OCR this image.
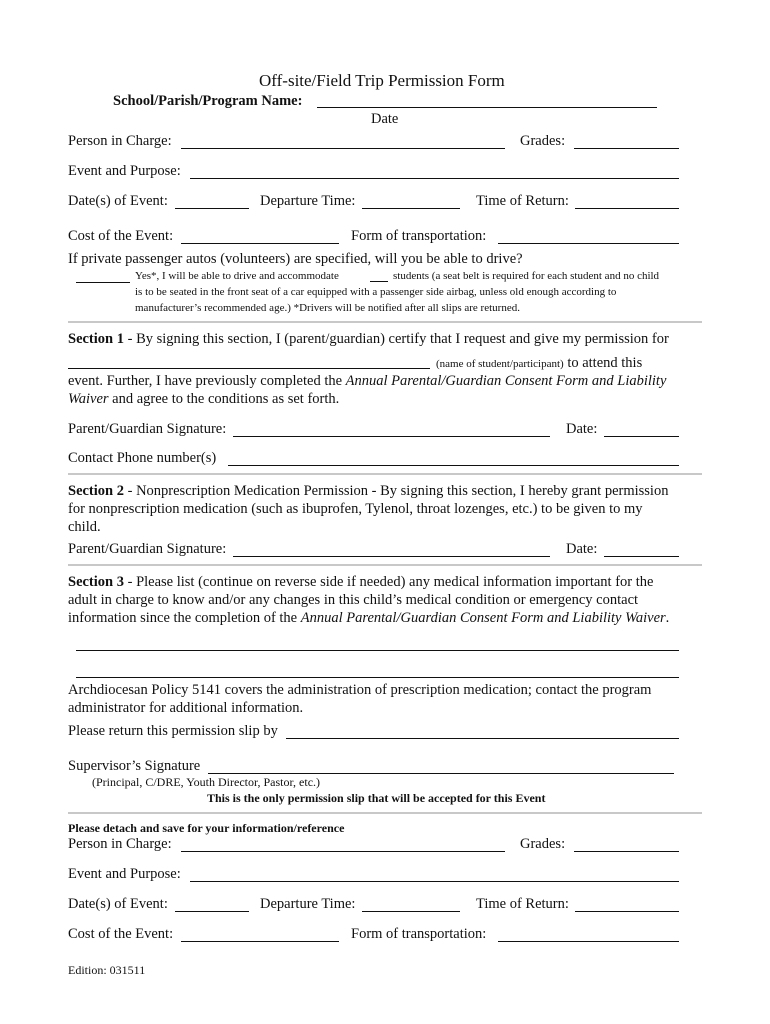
Off-site/Field Trip Permission Form
School/Parish/Program Name:
Date
Person in Charge:	Grades:
Event and Purpose:
Date(s) of Event:	Departure Time:	Time of Return:
Cost of the Event:	Form of transportation:
If private passenger autos (volunteers) are specified, will you be able to drive?
Yes*, I will be able to drive and accommodate	students (a seat belt is required for each student and no child
is to be seated in the front seat of a car equipped with a passenger side airbag, unless old enough according to
manufacturer’s recommended age.) *Drivers will be notified after all slips are returned.
Section 1 - By signing this section, I (parent/guardian) certify that I request and give my permission for
(name of student/participant) to attend this
event. Further, I have previously completed the Annual Parental/Guardian Consent Form and Liability
Waiver and agree to the conditions as set forth.
Parent/Guardian Signature:	Date:
Contact Phone number(s)
Section 2 - Nonprescription Medication Permission - By signing this section, I hereby grant permission
for nonprescription medication (such as ibuprofen, Tylenol, throat lozenges, etc.) to be given to my
child.
Parent/Guardian Signature:	Date:
Section 3 - Please list (continue on reverse side if needed) any medical information important for the
adult in charge to know and/or any changes in this child’s medical condition or emergency contact
information since the completion of the Annual Parental/Guardian Consent Form and Liability Waiver.
Archdiocesan Policy 5141 covers the administration of prescription medication; contact the program
administrator for additional information.
Please return this permission slip by
Supervisor’s Signature
(Principal, C/DRE, Youth Director, Pastor, etc.)
This is the only permission slip that will be accepted for this Event
Please detach and save for your information/reference
Person in Charge:	Grades:
Event and Purpose:
Date(s) of Event:	Departure Time:	Time of Return:
Cost of the Event:	Form of transportation:
Edition: 031511
